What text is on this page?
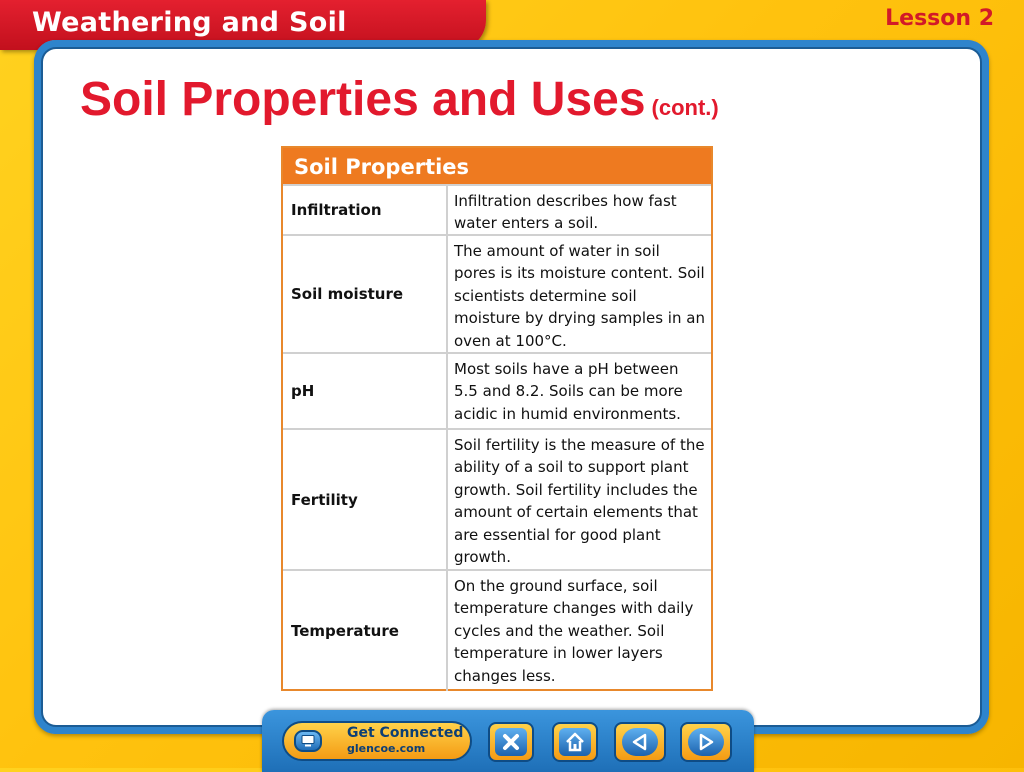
Weathering and Soil	Lesson 2
Soil Properties and Uses (cont.)
Soil Properties
Infiltration	Infiltration describes how fast water enters a soil.
Soil moisture
The amount of water in soil pores is its moisture content. Soil scientists determine soil moisture by drying samples in an oven at 100°C.
pH
Most soils have a pH between 5.5 and 8.2. Soils can be more acidic in humid environments.
Fertility
Soil fertility is the measure of the ability of a soil to support plant growth. Soil fertility includes the amount of certain elements that are essential for good plant growth.
Temperature
On the ground surface, soil temperature changes with daily cycles and the weather. Soil temperature in lower layers changes less.
Get Connected
glencoe.com
